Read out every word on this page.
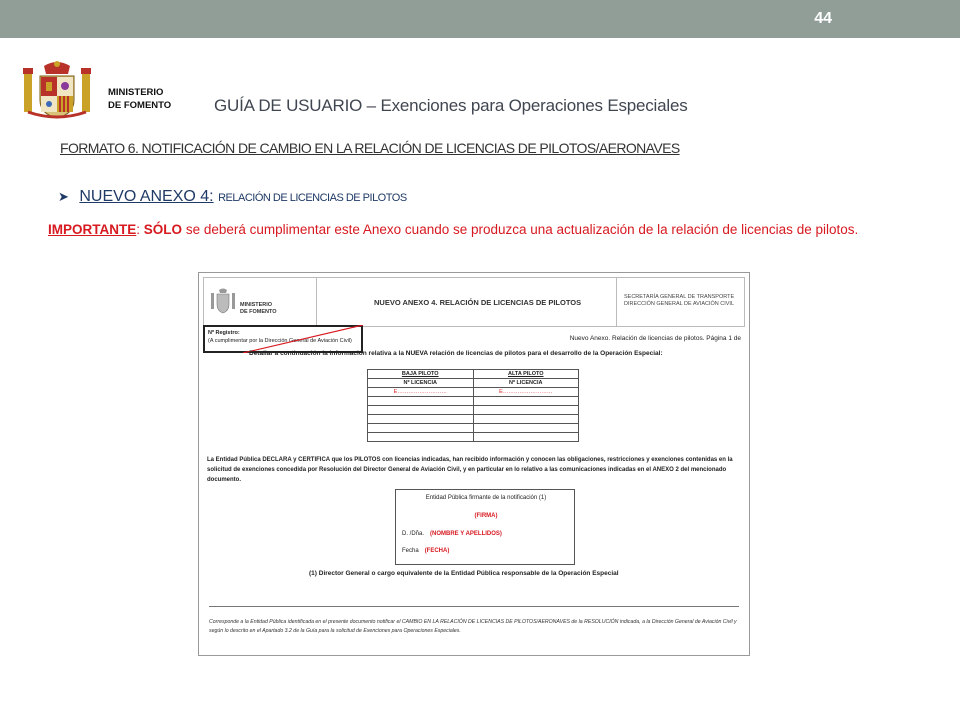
44
MINISTERIO
DE FOMENTO	GUÍA DE USUARIO – Exenciones para Operaciones Especiales
FORMATO 6. NOTIFICACIÓN DE CAMBIO EN LA RELACIÓN DE LICENCIAS DE PILOTOS/AERONAVES
➤ NUEVO ANEXO 4: RELACIÓN DE LICENCIAS DE PILOTOS
IMPORTANTE: SÓLO se deberá cumplimentar este Anexo cuando se produzca una actualización de la relación de licencias de pilotos.
MINISTERIO
DE FOMENTO
NUEVO ANEXO 4. RELACIÓN DE LICENCIAS DE PILOTOS
SECRETARÍA GENERAL DE TRANSPORTE
DIRECCIÓN GENERAL DE AVIACIÓN CIVIL
Nº Registro:
(A cumplimentar por la Dirección General de Aviación Civil)	Nuevo Anexo. Relación de licencias de pilotos. Página 1 de
Detallar a continuación la información relativa a la NUEVA relación de licencias de pilotos para el desarrollo de la Operación Especial:
BAJA PILOTO	ALTA PILOTO
Nº LICENCIA	Nº LICENCIA
E………………………	E………………………

La Entidad Pública DECLARA y CERTIFICA que los PILOTOS con licencias indicadas, han recibido información y conocen las obligaciones, restricciones y exenciones contenidas en la solicitud de exenciones concedida por Resolución del Director General de Aviación Civil, y en particular en lo relativo a las comunicaciones indicadas en el ANEXO 2 del mencionado documento.
Entidad Pública firmante de la notificación (1)
(FIRMA)
D. /Dña. (NOMBRE Y APELLIDOS)
Fecha (FECHA)
(1) Director General o cargo equivalente de la Entidad Pública responsable de la Operación Especial
Corresponde a la Entidad Pública identificada en el presente documento notificar el CAMBIO EN LA RELACIÓN DE LICENCIAS DE PILOTOS/AERONAVES de la RESOLUCIÓN indicada, a la Dirección General de Aviación Civil y según lo descrito en el Apartado 3.2 de la Guía para la solicitud de Exenciones para Operaciones Especiales.
